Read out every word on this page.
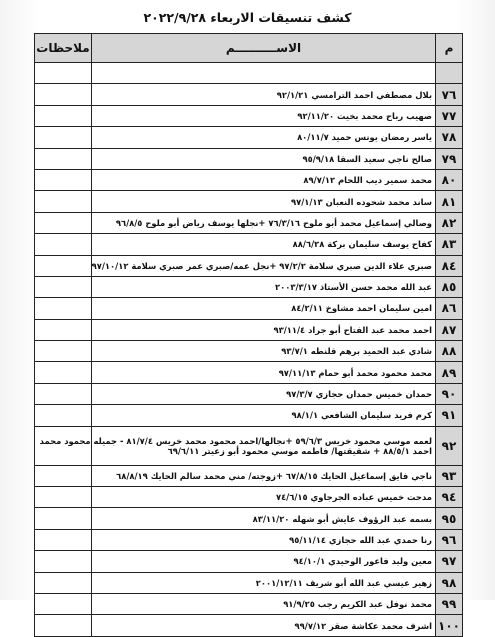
كشف تنسيقات الاربعاء ٢٠٢٢/٩/٢٨
م	الاســــــــــم	ملاحظات

٧٦	بلال مصطفي احمد الترامسي ٩٢/١/٢١	
٧٧	صهيب رباح محمد بخيت ٩٢/١١/٢٠	
٧٨	ياسر رمضان يونس حميد ٨٠/١١/٧	
٧٩	صالح ناجي سعيد السقا ٩٥/٩/١٨	
٨٠	محمد سمير ديب اللحام ٨٩/٧/١٢	
٨١	ساند محمد شحوده النعبان ٩٧/١/١٣	
٨٢	وصالي إسماعيل محمد أبو ملوح ٧٦/٣/١٦ +نجلها يوسف رياض أبو ملوح ٩٦/٨/٥	
٨٣	كفاح يوسف سليمان بركة ٨٨/٦/٢٨	
٨٤	صبري علاء الدين صبري سلامة ٩٧/٢/٢ +نجل عمه/صبري عمر صبري سلامة ٩٧/١٠/١٢	
٨٥	عبد الله محمد حسن الأستاذ ٢٠٠٣/٣/١٧	
٨٦	امين سليمان احمد مشاوخ ٨٤/٢/١١	
٨٧	احمد محمد عبد الفتاح أبو جراد ٩٣/١١/٤	
٨٨	شادي عبد الحميد برهم قلنطه ٩٣/٧/١	
٨٩	محمد محمود محمد أبو حمام ٩٧/١١/١٣	
٩٠	حمدان خميس حمدان حجازي ٩٧/٣/٧	
٩١	كرم فريد سليمان الشافعي ٩٨/١/١	
٩٢	لعمه موسي محمود خريس ٥٩/٦/٣ +نجالها/احمد محمود محمد خريس ٨١/٧/٤ - جميله محمود محمد
احمد ٨٨/٥/١ + شقيقتها/ فاطمه موسي محمود أبو زعيتر ٦٩/٦/١١	

٩٣	ناجي فايق إسماعيل الحايك ٦٧/٨/١٥ +زوجته/ مني محمد سالم الحايك ٦٨/٨/١٩	
٩٤	مدحت خميس عباده الجرجاوي ٧٤/٦/١٥	
٩٥	بسمه عبد الرؤوف عايش أبو شهله ٨٣/١١/٢٠	
٩٦	رنا حمدي عبد الله حجازي ٩٥/١١/١٤	
٩٧	معين وليد فاعور الوحيدي ٩٤/١٠/١	
٩٨	زهير عيسي عبد الله أبو شريف ٢٠٠١/١٢/١١	
٩٩	محمد نوفل عبد الكريم رجب ٩١/٩/٢٥	
١٠٠	اشرف محمد عكاشة صقر ٩٩/٧/١٢	
